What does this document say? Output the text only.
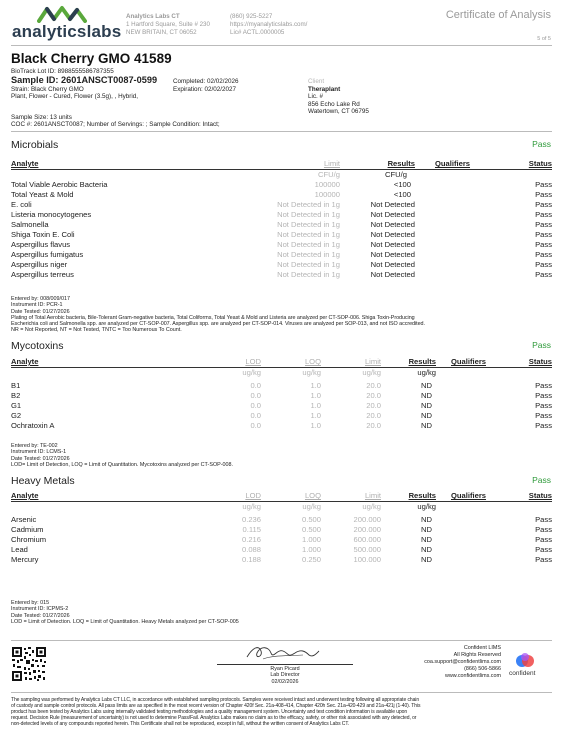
analyticslabs
Analytics Labs CT
1 Hartford Square, Suite # 230
NEW BRITAIN, CT 06052
(860) 925-5227
https://myanalyticslabs.com/
Lic# ACTL.0000005
Certificate of Analysis
5 of 5
Black Cherry GMO 41589
BioTrack Lot ID: 8988555586787355
Sample ID: 2601ANSCT0087-0599
Strain: Black Cherry GMO
Plant, Flower - Cured, Flower (3.5g), , Hybrid,
Completed: 02/02/2026
Expiration: 02/02/2027
Client
Theraplant
Lic. #
856 Echo Lake Rd
Watertown, CT 06795
Sample Size: 13 units
COC #: 2601ANSCT0087; Number of Servings: ; Sample Condition: Intact;
Microbials	Pass
Analyte	Limit	Results	Qualifiers	Status
	CFU/g	CFU/g		
Total Viable Aerobic Bacteria	100000	<100		Pass
Total Yeast & Mold	100000	<100		Pass
E. coli	Not Detected in 1g	Not Detected		Pass
Listeria monocytogenes	Not Detected in 1g	Not Detected		Pass
Salmonella	Not Detected in 1g	Not Detected		Pass
Shiga Toxin E. Coli	Not Detected in 1g	Not Detected		Pass
Aspergillus flavus	Not Detected in 1g	Not Detected		Pass
Aspergillus fumigatus	Not Detected in 1g	Not Detected		Pass
Aspergillus niger	Not Detected in 1g	Not Detected		Pass
Aspergillus terreus	Not Detected in 1g	Not Detected		Pass
Entered by: 008/009/017
Instrument ID: PCR-1
Date Tested: 01/27/2026
Plating of Total Aerobic bacteria, Bile-Tolerant Gram-negative bacteria, Total Coliforms, Total Yeast & Mold and Listeria are analyzed per CT-SOP-006. Shiga Toxin-Producing
Escherichia coli and Salmonella spp. are analyzed per CT-SOP-007. Aspergillus spp. are analyzed per CT-SOP-014. Viruses are analyzed per SOP-013, and not ISO accredited.
NR = Not Reported, NT = Not Tested, TNTC = Too Numerous To Count.
Mycotoxins	Pass
Analyte	LOD	LOQ	Limit	Results	Qualifiers	Status
	ug/kg	ug/kg	ug/kg	ug/kg		

B1	0.0	1.0	20.0	ND		Pass
B2	0.0	1.0	20.0	ND		Pass
G1	0.0	1.0	20.0	ND		Pass
G2	0.0	1.0	20.0	ND		Pass
Ochratoxin A	0.0	1.0	20.0	ND		Pass
Entered by: TE-002
Instrument ID: LCMS-1
Date Tested: 01/27/2026
LOD= Limit of Detection, LOQ = Limit of Quantitation. Mycotoxins analyzed per CT-SOP-008.
Heavy Metals	Pass
Analyte	LOD	LOQ	Limit	Results	Qualifiers	Status
	ug/kg	ug/kg	ug/kg	ug/kg		

Arsenic	0.236	0.500	200.000	ND		Pass
Cadmium	0.115	0.500	200.000	ND		Pass
Chromium	0.216	1.000	600.000	ND		Pass
Lead	0.088	1.000	500.000	ND		Pass
Mercury	0.188	0.250	100.000	ND		Pass
Entered by: 015
Instrument ID: ICPMS-2
Date Tested: 01/27/2026
LOD = Limit of Detection. LOQ = Limit of Quantitation. Heavy Metals analyzed per CT-SOP-005
Ryan Picard
Lab Director
02/02/2026
Confident LIMS
All Rights Reserved
coa.support@confidentlims.com
(866) 506-5866
www.confidentlims.com confident
The sampling was performed by Analytics Labs CT LLC, in accordance with established sampling protocols. Samples were received intact and underwent testing following all appropriate chain
of custody and sample control protocols. All pass limits are as specified in the most recent version of Chapter 420f Sec. 21a-408-414, Chapter 420h Sec. 21a-420-429 and 21a-421j (1-40). This
product has been tested by Analytics Labs using internally validated testing methodologies and a quality management system. Uncertainty and test condition information is available upon
request. Decision Rule (measurement of uncertainty) is not used to determine Pass/Fail. Analytics Labs makes no claim as to the efficacy, safety, or other risk associated with any detected, or
non-detected levels of any compounds reported herein. This Certificate shall not be reproduced, except in full, without the written consent of Analytics Labs CT.
